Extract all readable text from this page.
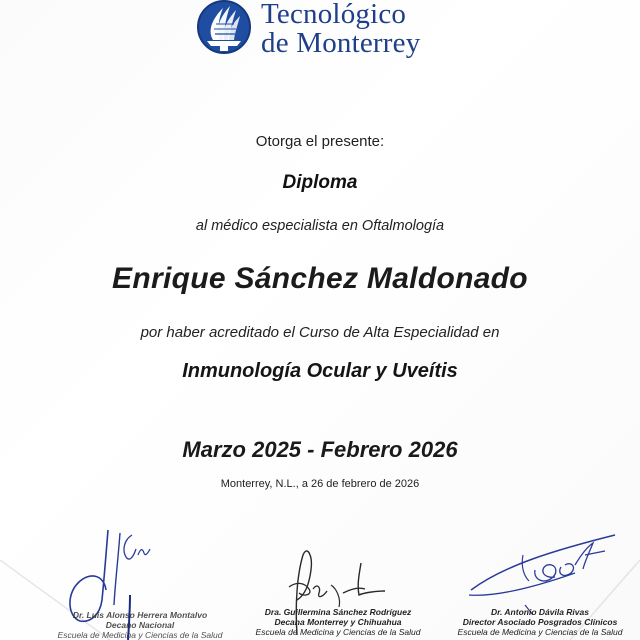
Tecnológico
de Monterrey
Otorga el presente:
Diploma
al médico especialista en Oftalmología
Enrique Sánchez Maldonado
por haber acreditado el Curso de Alta Especialidad en
Inmunología Ocular y Uveítis
Marzo 2025 - Febrero 2026
Monterrey, N.L., a 26 de febrero de 2026
Dr. Luis Alonso Herrera Montalvo
Decano Nacional
Escuela de Medicina y Ciencias de la Salud
Dra. Guillermina Sánchez Rodríguez
Decana Monterrey y Chihuahua
Escuela de Medicina y Ciencias de la Salud
Dr. Antonio Dávila Rivas
Director Asociado Posgrados Clínicos
Escuela de Medicina y Ciencias de la Salud
